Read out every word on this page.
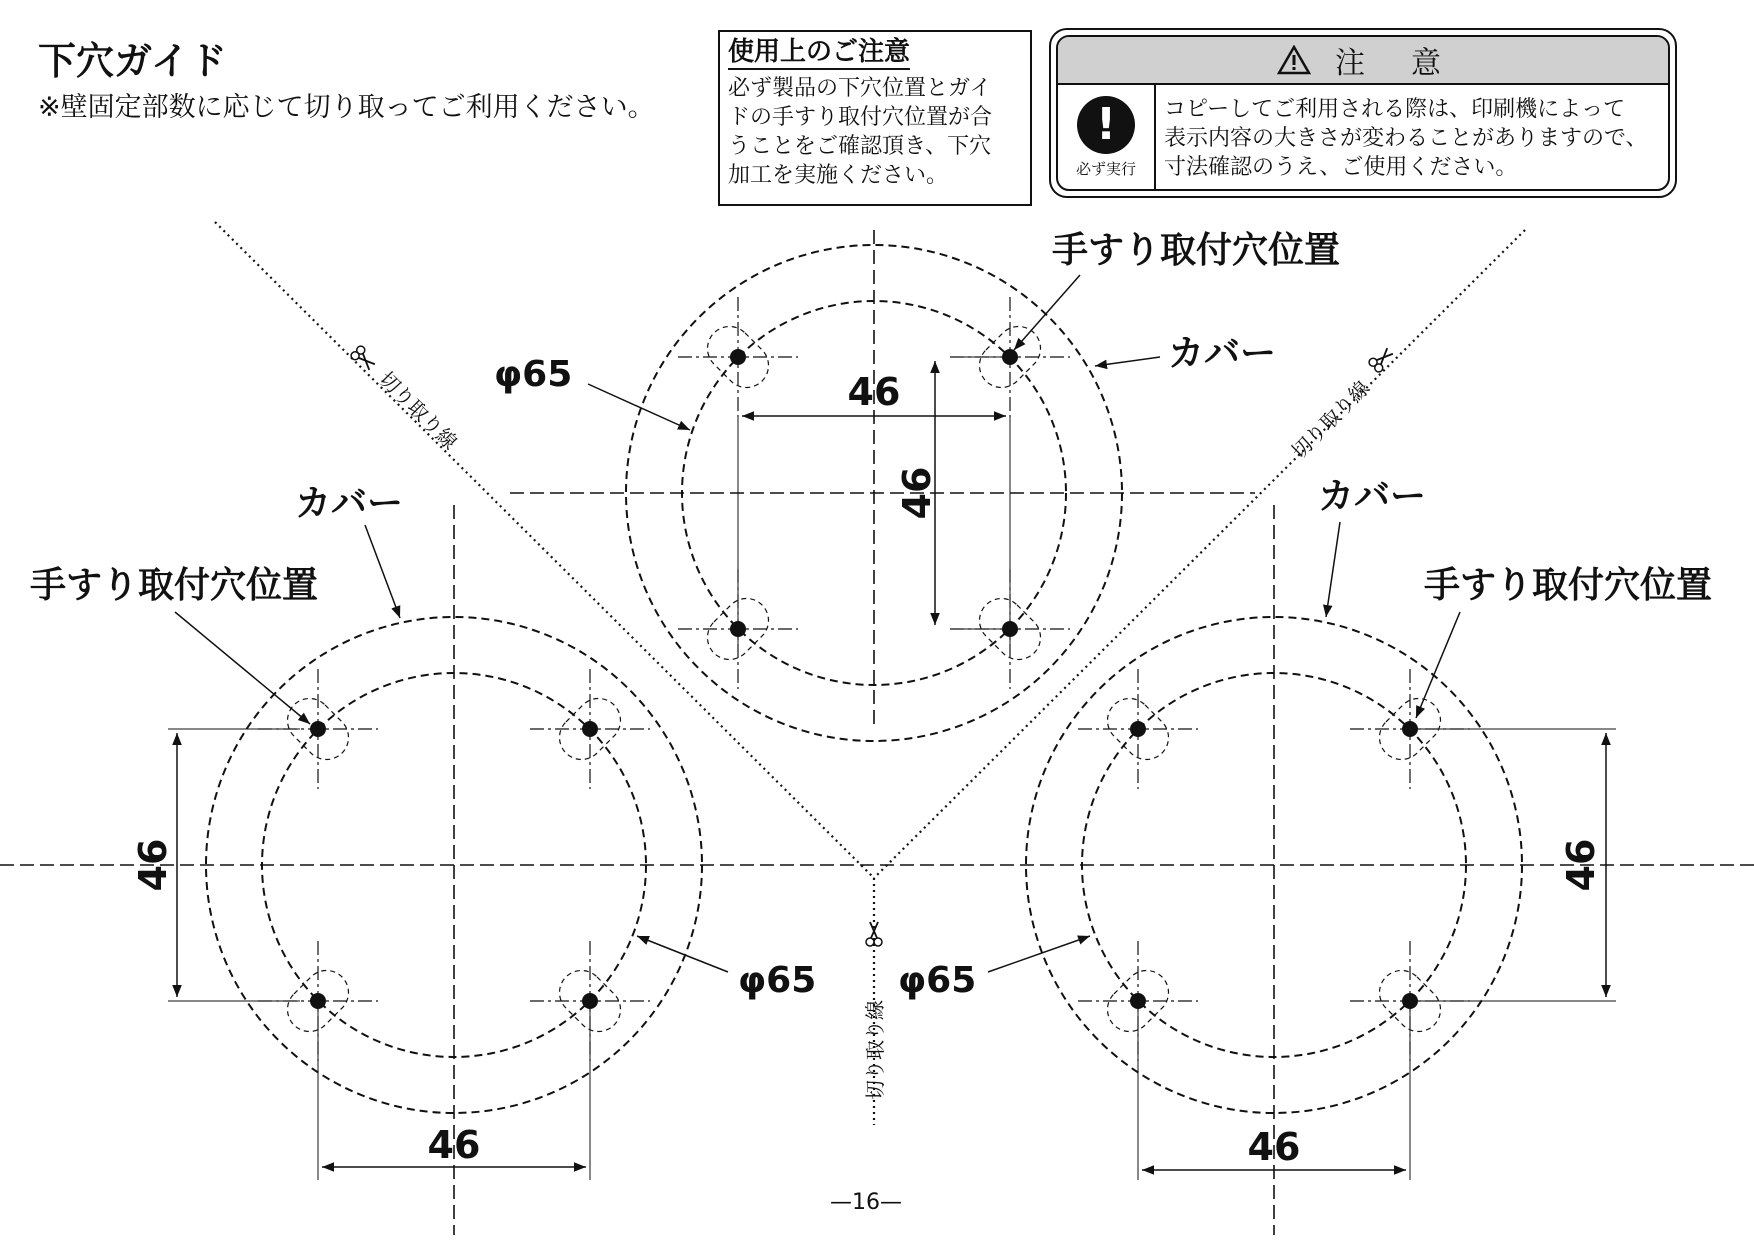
下穴ガイド
※壁固定部数に応じて切り取ってご利用ください。
使用上のご注意
必ず製品の下穴位置とガイ
ドの手すり取付穴位置が合
うことをご確認頂き、下穴
加工を実施ください。
注　意
!
必ず実行
コピーしてご利用される際は、印刷機によって
表示内容の大きさが変わることがありますので、
寸法確認のうえ、ご使用ください。
切り取り線	切り取り線
切り取り線
46
46
手すり取付穴位置
カバー
φ65
カバー
手すり取付穴位置
46
46
φ65
カバー
手すり取付穴位置
46
46
φ65
—16—
